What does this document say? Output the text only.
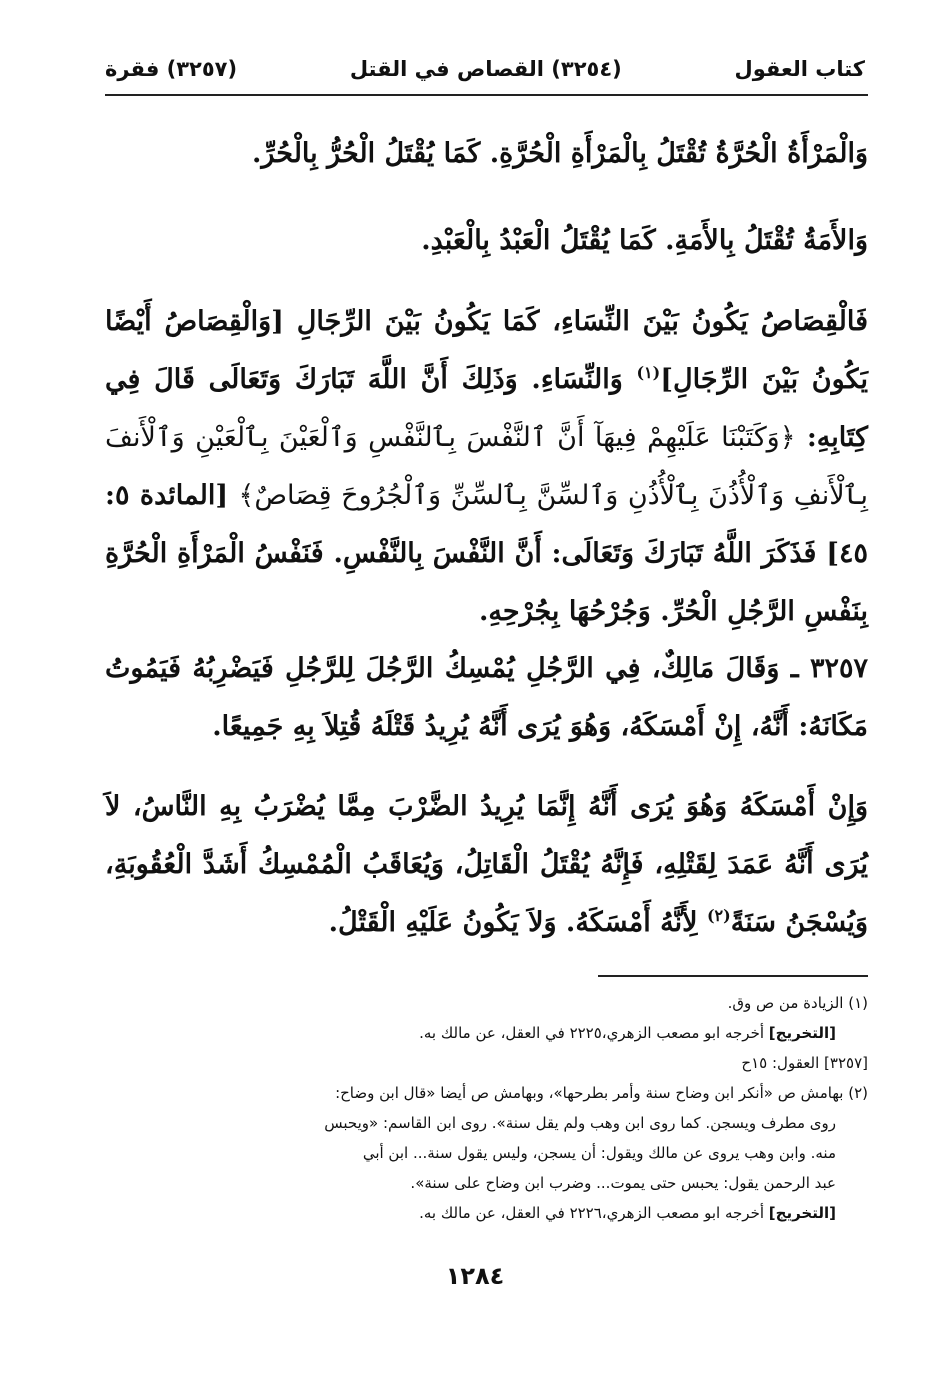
كتاب العقول
(٣٢٥٤) القصاص في القتل
(٣٢٥٧) فقرة
وَالْمَرْأَةُ الْحُرَّةُ تُقْتَلُ بِالْمَرْأَةِ الْحُرَّةِ. كَمَا يُقْتَلُ الْحُرُّ بِالْحُرِّ.
وَالأَمَةُ تُقْتَلُ بِالأَمَةِ. كَمَا يُقْتَلُ الْعَبْدُ بِالْعَبْدِ.
فَالْقِصَاصُ يَكُونُ بَيْنَ النِّسَاءِ، كَمَا يَكُونُ بَيْنَ الرِّجَالِ [وَالْقِصَاصُ أَيْضًا يَكُونُ بَيْنَ الرِّجَالِ]$^{(١)}$ وَالنِّسَاءِ. وَذَلِكَ أَنَّ اللَّهَ تَبَارَكَ وَتَعَالَى قَالَ فِي كِتَابِهِ: ﴿وَكَتَبْنَا عَلَيْهِمْ فِيهَآ أَنَّ ٱلنَّفْسَ بِٱلنَّفْسِ وَٱلْعَيْنَ بِٱلْعَيْنِ وَٱلْأَنفَ بِٱلْأَنفِ وَٱلْأُذُنَ بِٱلْأُذُنِ وَٱلسِّنَّ بِٱلسِّنِّ وَٱلْجُرُوحَ قِصَاصٌ﴾ [المائدة ٥: ٤٥] فَذَكَرَ اللَّهُ تَبَارَكَ وَتَعَالَى: أَنَّ النَّفْسَ بِالنَّفْسِ. فَنَفْسُ الْمَرْأَةِ الْحُرَّةِ بِنَفْسِ الرَّجُلِ الْحُرِّ. وَجُرْحُهَا بِجُرْحِهِ.
٣٢٥٧ ـ وَقَالَ مَالِكٌ، فِي الرَّجُلِ يُمْسِكُ الرَّجُلَ لِلرَّجُلِ فَيَضْرِبُهُ فَيَمُوتُ مَكَانَهُ: أَنَّهُ، إِنْ أَمْسَكَهُ، وَهُوَ يُرَى أَنَّهُ يُرِيدُ قَتْلَهُ قُتِلاَ بِهِ جَمِيعًا.
وَإِنْ أَمْسَكَهُ وَهُوَ يُرَى أَنَّهُ إِنَّمَا يُرِيدُ الضَّرْبَ مِمَّا يُضْرَبُ بِهِ النَّاسُ، لاَ يُرَى أَنَّهُ عَمَدَ لِقَتْلِهِ، فَإِنَّهُ يُقْتَلُ الْقَاتِلُ، وَيُعَاقَبُ الْمُمْسِكُ أَشَدَّ الْعُقُوبَةِ، وَيُسْجَنُ سَنَةً$^{(٢)}$ لِأَنَّهُ أَمْسَكَهُ. وَلاَ يَكُونُ عَلَيْهِ الْقَتْلُ.
(١) الزيادة من ص وق.
[التخريج] أخرجه ابو مصعب الزهري،٢٢٢٥ في العقل، عن مالك به.
[٣٢٥٧] العقول: ١٥ح
(٢) بهامش ص «أنكر ابن وضاح سنة وأمر بطرحها»، وبهامش ص أيضا «قال ابن وضاح:
روى مطرف ويسجن. كما روى ابن وهب ولم يقل سنة». روى ابن القاسم: «ويحبس
منه. وابن وهب يروى عن مالك ويقول: أن يسجن، وليس يقول سنة... ابن أبي
عبد الرحمن يقول: يحبس حتى يموت... وضرب ابن وضاح على سنة».
[التخريج] أخرجه ابو مصعب الزهري،٢٢٢٦ في العقل، عن مالك به.
١٢٨٤
